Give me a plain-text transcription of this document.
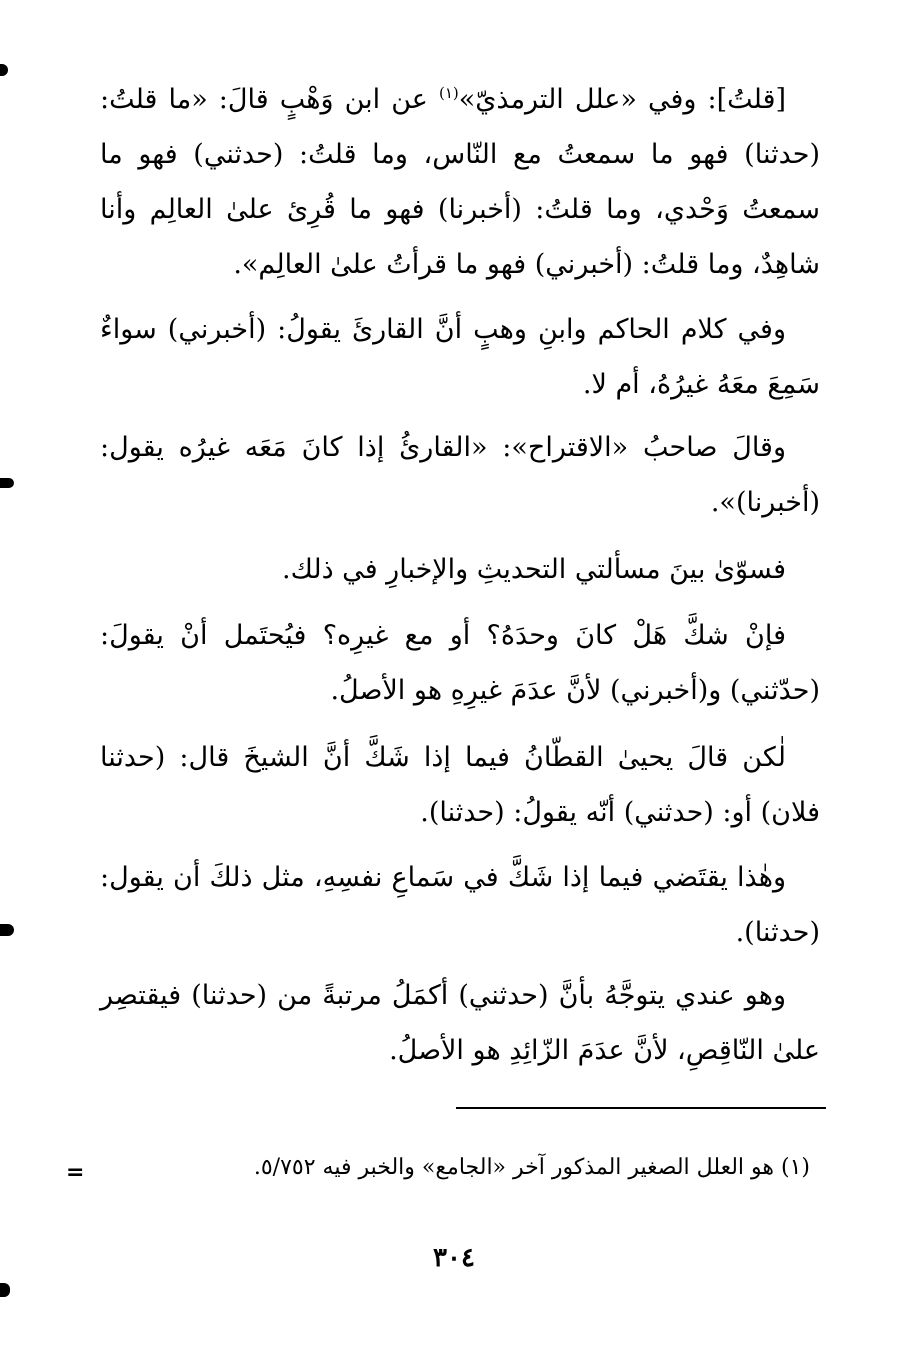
[قلتُ]: وفي «علل الترمذيّ»$^{(١)}$ عن ابن وَهْبٍ قالَ: «ما قلتُ: (حدثنا) فهو ما سمعتُ مع النّاس، وما قلتُ: (حدثني) فهو ما سمعتُ وَحْدي، وما قلتُ: (أخبرنا) فهو ما قُرِئ علىٰ العالِم وأنا شاهِدٌ، وما قلتُ: (أخبرني) فهو ما قرأتُ علىٰ العالِم».

وفي كلام الحاكم وابنِ وهبٍ أنَّ القارئَ يقولُ: (أخبرني) سواءٌ سَمِعَ معَهُ غيرُهُ، أم لا.

وقالَ صاحبُ «الاقتراح»: «القارئُ إذا كانَ مَعَه غيرُه يقول: (أخبرنا)».

فسوّىٰ بينَ مسألتي التحديثِ والإخبارِ في ذلك.

فإنْ شكَّ هَلْ كانَ وحدَهُ؟ أو مع غيرِه؟ فيُحتَمل أنْ يقولَ: (حدّثني) و(أخبرني) لأنَّ عدَمَ غيرِهِ هو الأصلُ.

لٰكن قالَ يحيىٰ القطّانُ فيما إذا شَكَّ أنَّ الشيخَ قال: (حدثنا فلان) أو: (حدثني) أنّه يقولُ: (حدثنا).

وهٰذا يقتَضي فيما إذا شَكَّ في سَماعِ نفسِهِ، مثل ذلكَ أن يقول: (حدثنا).

وهو عندي يتوجَّهُ بأنَّ (حدثني) أكمَلُ مرتبةً من (حدثنا) فيقتصِر علىٰ النّاقِصِ، لأنَّ عدَمَ الزّائِدِ هو الأصلُ.

(١) هو العلل الصغير المذكور آخر «الجامع» والخبر فيه ٥/٧٥٢.

=
٣٠٤
